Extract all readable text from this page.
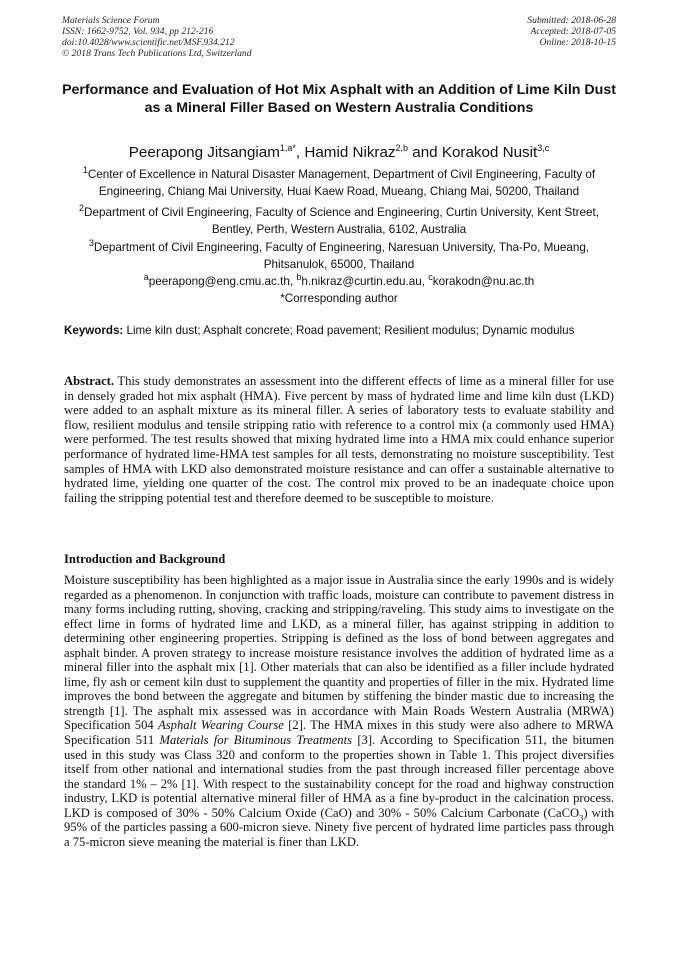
Materials Science Forum
ISSN: 1662-9752, Vol. 934, pp 212-216
doi:10.4028/www.scientific.net/MSF.934.212
© 2018 Trans Tech Publications Ltd, Switzerland
Submitted: 2018-06-28
Accepted: 2018-07-05
Online: 2018-10-15
Performance and Evaluation of Hot Mix Asphalt with an Addition of Lime Kiln Dust as a Mineral Filler Based on Western Australia Conditions
Peerapong Jitsangiam$^{1,a*}$, Hamid Nikraz$^{2,b}$ and Korakod Nusit$^{3,c}$
$^1$Center of Excellence in Natural Disaster Management, Department of Civil Engineering, Faculty of Engineering, Chiang Mai University, Huai Kaew Road, Mueang, Chiang Mai, 50200, Thailand
$^2$Department of Civil Engineering, Faculty of Science and Engineering, Curtin University, Kent Street, Bentley, Perth, Western Australia, 6102, Australia
$^3$Department of Civil Engineering, Faculty of Engineering, Naresuan University, Tha-Po, Mueang, Phitsanulok, 65000, Thailand
$^a$peerapong@eng.cmu.ac.th, $^b$h.nikraz@curtin.edu.au, $^c$korakodn@nu.ac.th
*Corresponding author
Keywords: Lime kiln dust; Asphalt concrete; Road pavement; Resilient modulus; Dynamic modulus
Abstract. This study demonstrates an assessment into the different effects of lime as a mineral filler for use in densely graded hot mix asphalt (HMA). Five percent by mass of hydrated lime and lime kiln dust (LKD) were added to an asphalt mixture as its mineral filler. A series of laboratory tests to evaluate stability and flow, resilient modulus and tensile stripping ratio with reference to a control mix (a commonly used HMA) were performed. The test results showed that mixing hydrated lime into a HMA mix could enhance superior performance of hydrated lime-HMA test samples for all tests, demonstrating no moisture susceptibility. Test samples of HMA with LKD also demonstrated moisture resistance and can offer a sustainable alternative to hydrated lime, yielding one quarter of the cost. The control mix proved to be an inadequate choice upon failing the stripping potential test and therefore deemed to be susceptible to moisture.
Introduction and Background
Moisture susceptibility has been highlighted as a major issue in Australia since the early 1990s and is widely regarded as a phenomenon. In conjunction with traffic loads, moisture can contribute to pavement distress in many forms including rutting, shoving, cracking and stripping/raveling. This study aims to investigate on the effect lime in forms of hydrated lime and LKD, as a mineral filler, has against stripping in addition to determining other engineering properties. Stripping is defined as the loss of bond between aggregates and asphalt binder. A proven strategy to increase moisture resistance involves the addition of hydrated lime as a mineral filler into the asphalt mix [1]. Other materials that can also be identified as a filler include hydrated lime, fly ash or cement kiln dust to supplement the quantity and properties of filler in the mix. Hydrated lime improves the bond between the aggregate and bitumen by stiffening the binder mastic due to increasing the strength [1]. The asphalt mix assessed was in accordance with Main Roads Western Australia (MRWA) Specification 504 Asphalt Wearing Course [2]. The HMA mixes in this study were also adhere to MRWA Specification 511 Materials for Bituminous Treatments [3]. According to Specification 511, the bitumen used in this study was Class 320 and conform to the properties shown in Table 1. This project diversifies itself from other national and international studies from the past through increased filler percentage above the standard 1% – 2% [1]. With respect to the sustainability concept for the road and highway construction industry, LKD is potential alternative mineral filler of HMA as a fine by-product in the calcination process. LKD is composed of 30% - 50% Calcium Oxide (CaO) and 30% - 50% Calcium Carbonate (CaCO$_3$) with 95% of the particles passing a 600-micron sieve. Ninety five percent of hydrated lime particles pass through a 75-micron sieve meaning the material is finer than LKD.
